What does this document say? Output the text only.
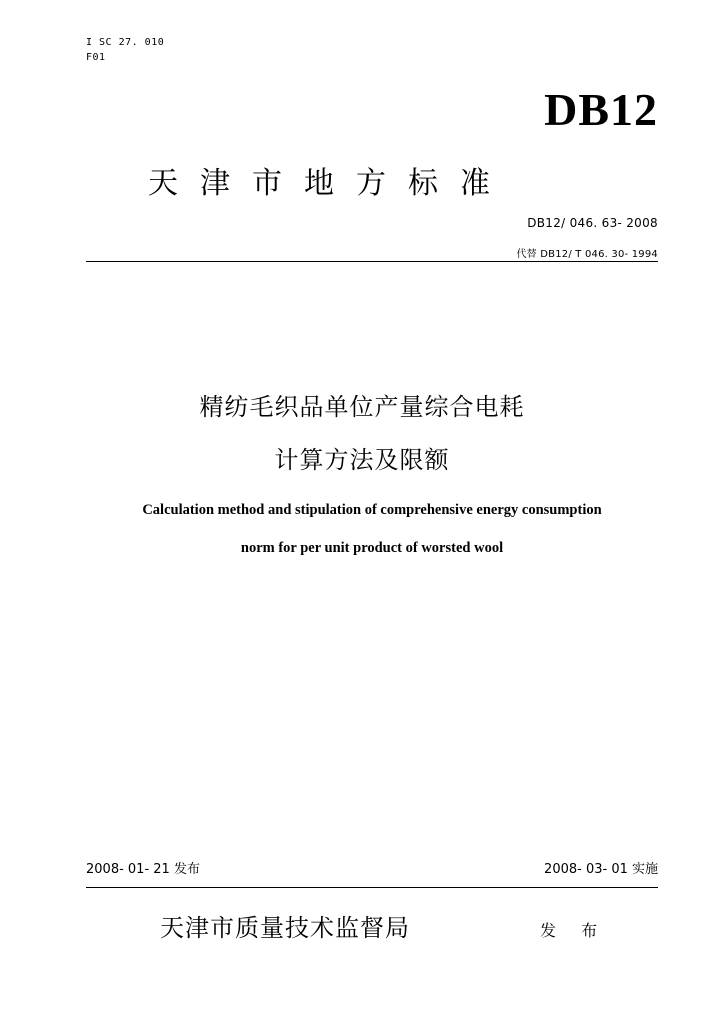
I SC 27. 010
F01
DB12
天津市地方标准
DB12/ 046. 63- 2008
代替 DB12/ T 046. 30- 1994
精纺毛织品单位产量综合电耗
计算方法及限额
Calculation method and stipulation of comprehensive energy consumption
norm for per unit product of worsted wool
2008- 01- 21 发布	2008- 03- 01 实施
天津市质量技术监督局	发 布
